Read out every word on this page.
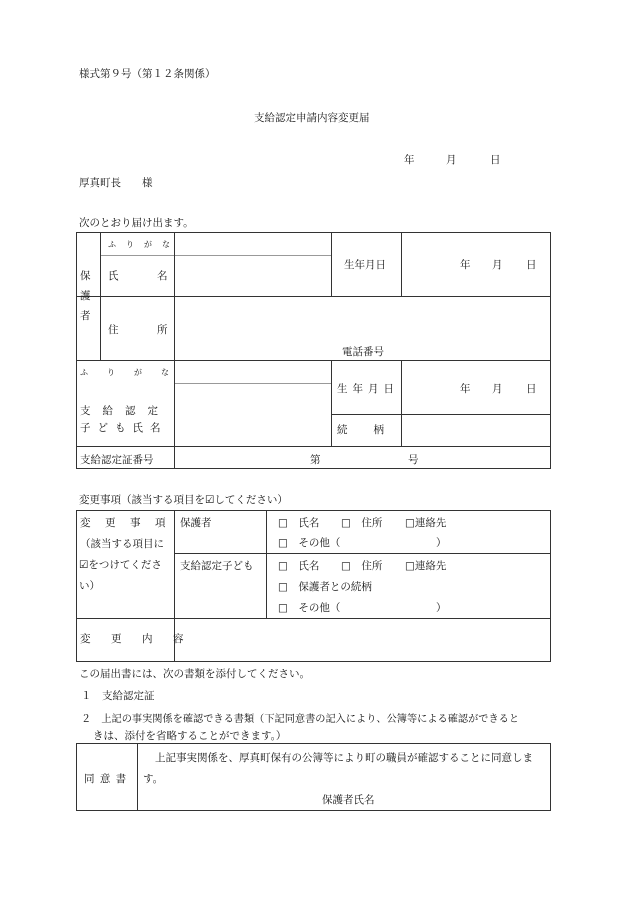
様式第９号（第１２条関係）
支給認定申請内容変更届
年	月	日
厚真町長　　様
次のとおり届け出ます。
保
護
者
ふりがな
氏　名
生年月日	年 月 日
住　所
電話番号
ふりがな
支給認定
子ども氏名
生年月日	年 月 日
続柄
支給認定証番号	第	号
変更事項（該当する項目を☑してください）
変　更　事　項
（該当する項目に
☑をつけてくださ
い）
保護者	□　氏名 □　住所 □連絡先
□　その他（	）
支給認定子ども □　氏名 □　住所 □連絡先
□　保護者との続柄
□　その他（	）
変　更　内　容
この届出書には、次の書類を添付してください。
１　支給認定証
２　上記の事実関係を確認できる書類（下記同意書の記入により、公簿等による確認ができると
きは、添付を省略することができます。）
同 意 書
上記事実関係を、厚真町保有の公簿等により町の職員が確認することに同意しま
す。
保護者氏名
